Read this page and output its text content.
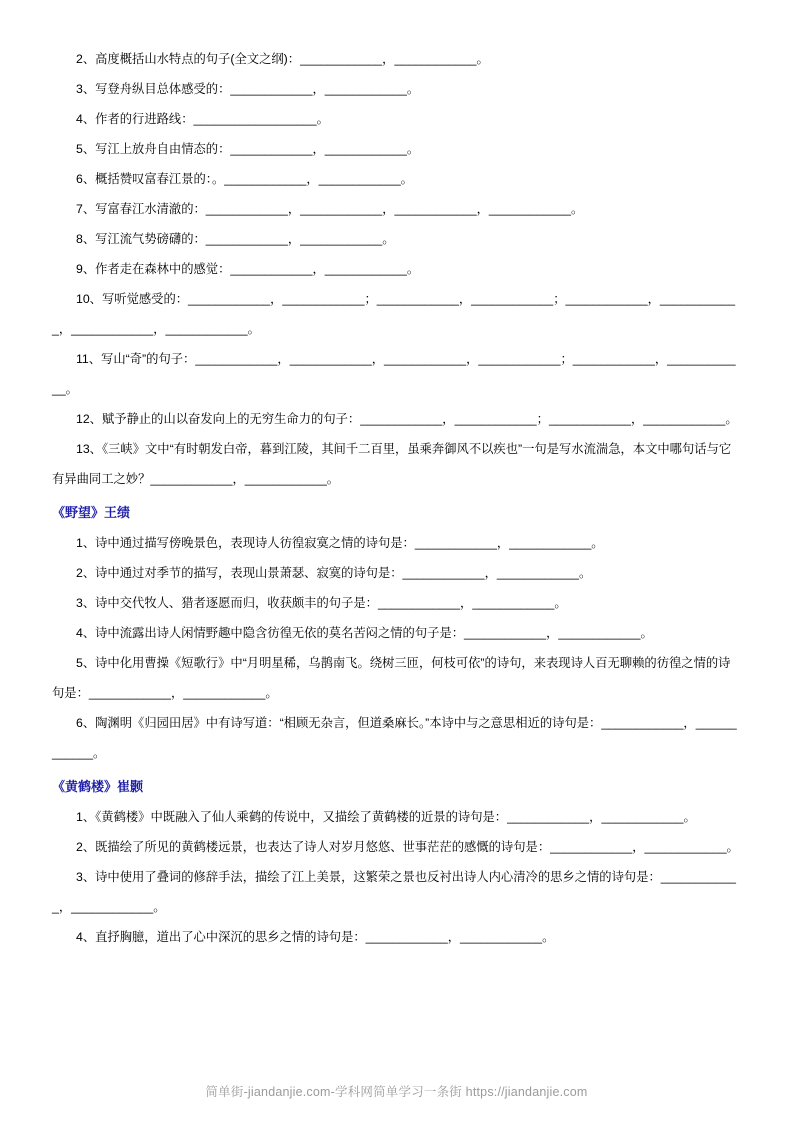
2、高度概括山水特点的句子(全文之纲)：____________，____________。

3、写登舟纵目总体感受的：____________，____________。

4、作者的行进路线：__________________。

5、写江上放舟自由情态的：____________，____________。

6、概括赞叹富春江景的：。____________，____________。

7、写富春江水清澈的：____________，____________，____________，____________。

8、写江流气势磅礴的：____________，____________。

9、作者走在森林中的感觉：____________，____________。

10、写听觉感受的：____________，____________；____________，____________；____________，____________，____________，____________。

11、写山“奇”的句子：____________，____________，____________，____________；____________，____________。

12、赋予静止的山以奋发向上的无穷生命力的句子：____________，____________；____________，____________。

13、《三峡》文中“有时朝发白帝，暮到江陵，其间千二百里，虽乘奔御风不以疾也”一句是写水流湍急，本文中哪句话与它有异曲同工之妙？____________，____________。

《野望》王绩

1、诗中通过描写傍晚景色，表现诗人彷徨寂寞之情的诗句是：____________，____________。

2、诗中通过对季节的描写，表现山景萧瑟、寂寞的诗句是：____________，____________。

3、诗中交代牧人、猎者逐愿而归，收获颇丰的句子是：____________，____________。

4、诗中流露出诗人闲情野趣中隐含彷徨无依的莫名苦闷之情的句子是：____________，____________。

5、诗中化用曹操《短歌行》中“月明星稀，乌鹊南飞。绕树三匝，何枝可依”的诗句，来表现诗人百无聊赖的彷徨之情的诗句是：____________，____________。

6、陶渊明《归园田居》中有诗写道：“相顾无杂言，但道桑麻长。”本诗中与之意思相近的诗句是：____________，____________。

《黄鹤楼》崔颢

1、《黄鹤楼》中既融入了仙人乘鹤的传说中，又描绘了黄鹤楼的近景的诗句是：____________，____________。

2、既描绘了所见的黄鹤楼远景，也表达了诗人对岁月悠悠、世事茫茫的感慨的诗句是：____________，____________。

3、诗中使用了叠词的修辞手法，描绘了江上美景，这繁荣之景也反衬出诗人内心清冷的思乡之情的诗句是：____________，____________。

4、直抒胸臆，道出了心中深沉的思乡之情的诗句是：____________，____________。

简单街-jiandanjie.com-学科网简单学习一条街 https://jiandanjie.com
